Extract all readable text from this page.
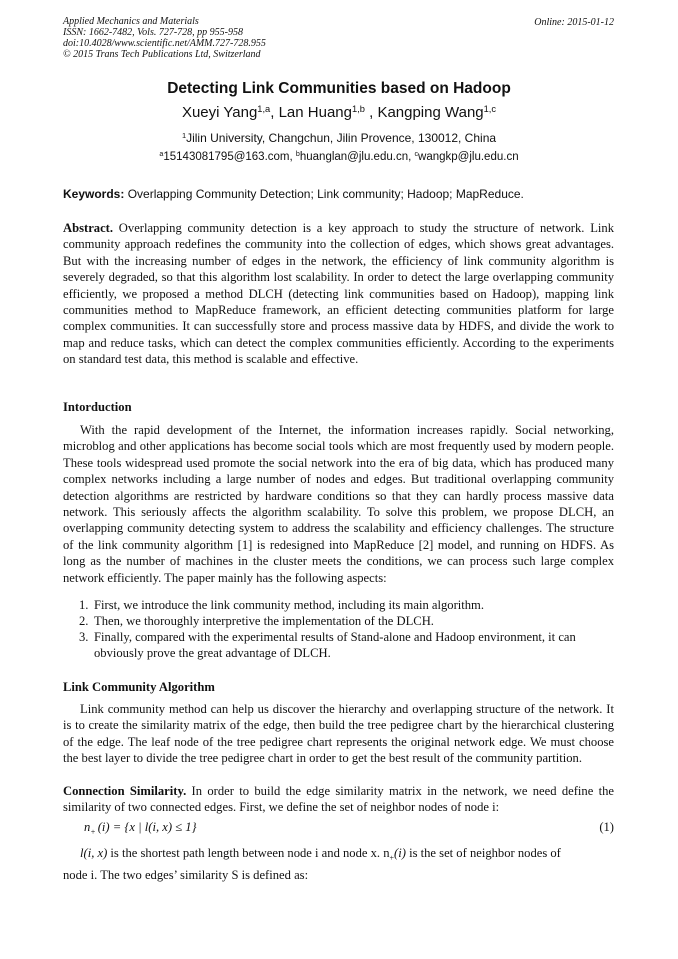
Applied Mechanics and Materials
ISSN: 1662-7482, Vols. 727-728, pp 955-958
doi:10.4028/www.scientific.net/AMM.727-728.955
© 2015 Trans Tech Publications Ltd, Switzerland
Online: 2015-01-12
Detecting Link Communities based on Hadoop
Xueyi Yang$^{1,a}$, Lan Huang$^{1,b}$ , Kangping Wang$^{1,c}$
$^1$Jilin University, Changchun, Jilin Provence, 130012, China
$^a$15143081795@163.com, $^b$huanglan@jlu.edu.cn, $^c$wangkp@jlu.edu.cn
Keywords: Overlapping Community Detection; Link community; Hadoop; MapReduce.

Abstract. Overlapping community detection is a key approach to study the structure of network. Link community approach redefines the community into the collection of edges, which shows great advantages. But with the increasing number of edges in the network, the efficiency of link community algorithm is severely degraded, so that this algorithm lost scalability. In order to detect the large overlapping community efficiently, we proposed a method DLCH (detecting link communities based on Hadoop), mapping link communities method to MapReduce framework, an efficient detecting communities platform for large complex communities. It can successfully store and process massive data by HDFS, and divide the work to map and reduce tasks, which can detect the complex communities efficiently. According to the experiments on standard test data, this method is scalable and effective.

Intorduction

With the rapid development of the Internet, the information increases rapidly. Social networking, microblog and other applications has become social tools which are most frequently used by modern people. These tools widespread used promote the social network into the era of big data, which has produced many complex networks including a large number of nodes and edges. But traditional overlapping community detection algorithms are restricted by hardware conditions so that they can hardly process massive data network. This seriously affects the algorithm scalability. To solve this problem, we propose DLCH, an overlapping community detecting system to address the scalability and efficiency challenges. The structure of the link community algorithm [1] is redesigned into MapReduce [2] model, and running on HDFS. As long as the number of machines in the cluster meets the conditions, we can process such large complex network efficiently. The paper mainly has the following aspects:

1. First, we introduce the link community method, including its main algorithm.

2. Then, we thoroughly interpretive the implementation of the DLCH.

3. Finally, compared with the experimental results of Stand-alone and Hadoop environment, it can
obviously prove the great advantage of DLCH.

Link Community Algorithm

Link community method can help us discover the hierarchy and overlapping structure of the network. It is to create the similarity matrix of the edge, then build the tree pedigree chart by the hierarchical clustering of the edge. The leaf node of the tree pedigree chart represents the original network edge. We must choose the best layer to divide the tree pedigree chart in order to get the best result of the community partition.

Connection Similarity. In order to build the edge similarity matrix in the network, we need define the similarity of two connected edges. First, we define the set of neighbor nodes of node i:

$n_+$ (i) = {x | l(i, x) ≤ 1}	(1)

l(i, x) is the shortest path length between node i and node x. $n_+(i)$ is the set of neighbor nodes of
node i. The two edges’ similarity S is defined as:
